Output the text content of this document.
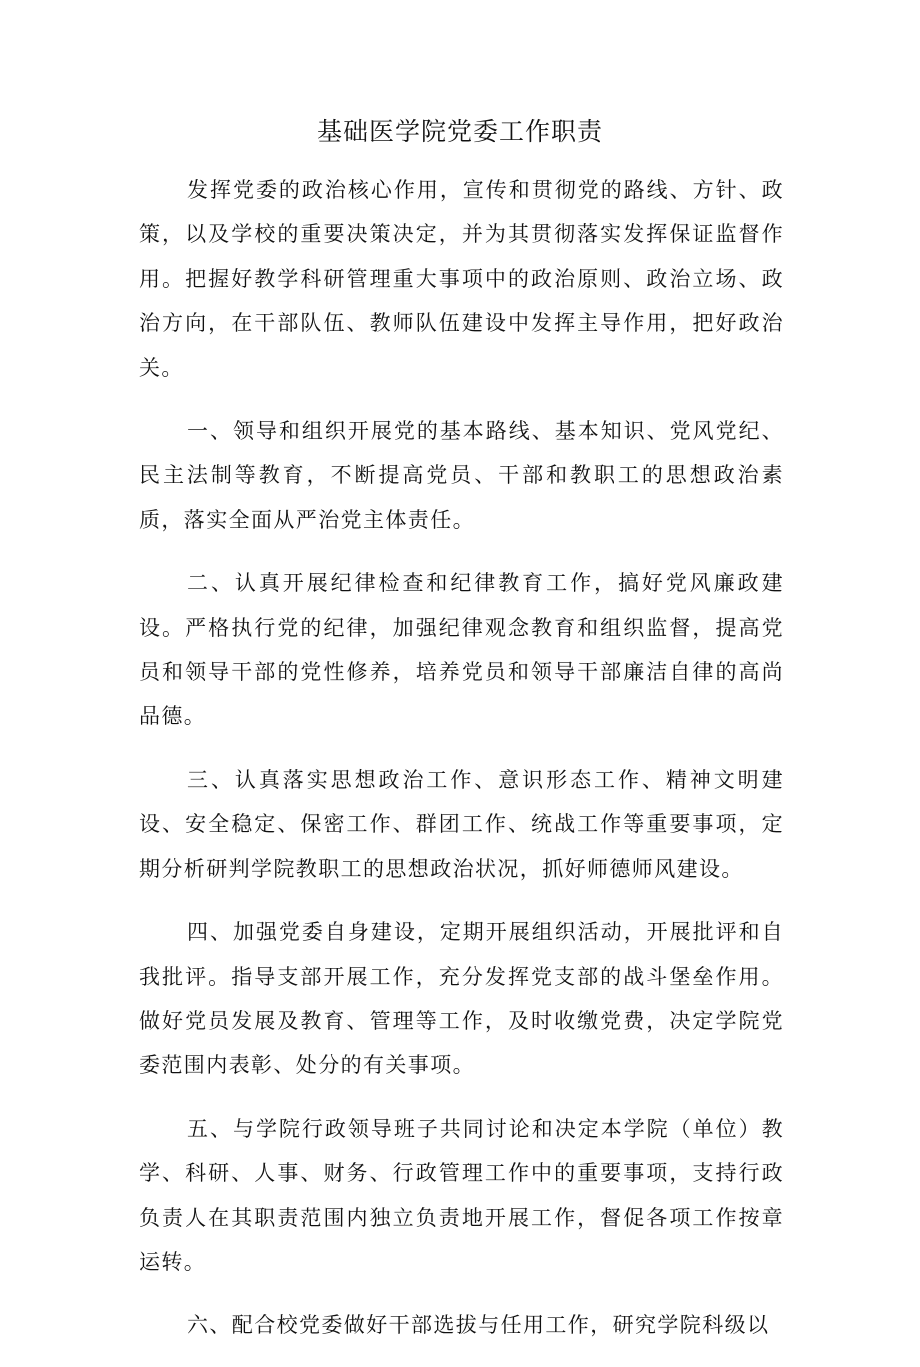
基础医学院党委工作职责

发挥党委的政治核心作用，宣传和贯彻党的路线、方针、政策，以及学校的重要决策决定，并为其贯彻落实发挥保证监督作用。把握好教学科研管理重大事项中的政治原则、政治立场、政治方向，在干部队伍、教师队伍建设中发挥主导作用，把好政治关。

一、领导和组织开展党的基本路线、基本知识、党风党纪、民主法制等教育，不断提高党员、干部和教职工的思想政治素质，落实全面从严治党主体责任。

二、认真开展纪律检查和纪律教育工作，搞好党风廉政建设。严格执行党的纪律，加强纪律观念教育和组织监督，提高党员和领导干部的党性修养，培养党员和领导干部廉洁自律的高尚品德。

三、认真落实思想政治工作、意识形态工作、精神文明建设、安全稳定、保密工作、群团工作、统战工作等重要事项，定期分析研判学院教职工的思想政治状况，抓好师德师风建设。

四、加强党委自身建设，定期开展组织活动，开展批评和自我批评。指导支部开展工作，充分发挥党支部的战斗堡垒作用。做好党员发展及教育、管理等工作，及时收缴党费，决定学院党委范围内表彰、处分的有关事项。

五、与学院行政领导班子共同讨论和决定本学院（单位）教学、科研、人事、财务、行政管理工作中的重要事项，支持行政负责人在其职责范围内独立负责地开展工作，督促各项工作按章运转。

六、配合校党委做好干部选拔与任用工作，研究学院科级以
